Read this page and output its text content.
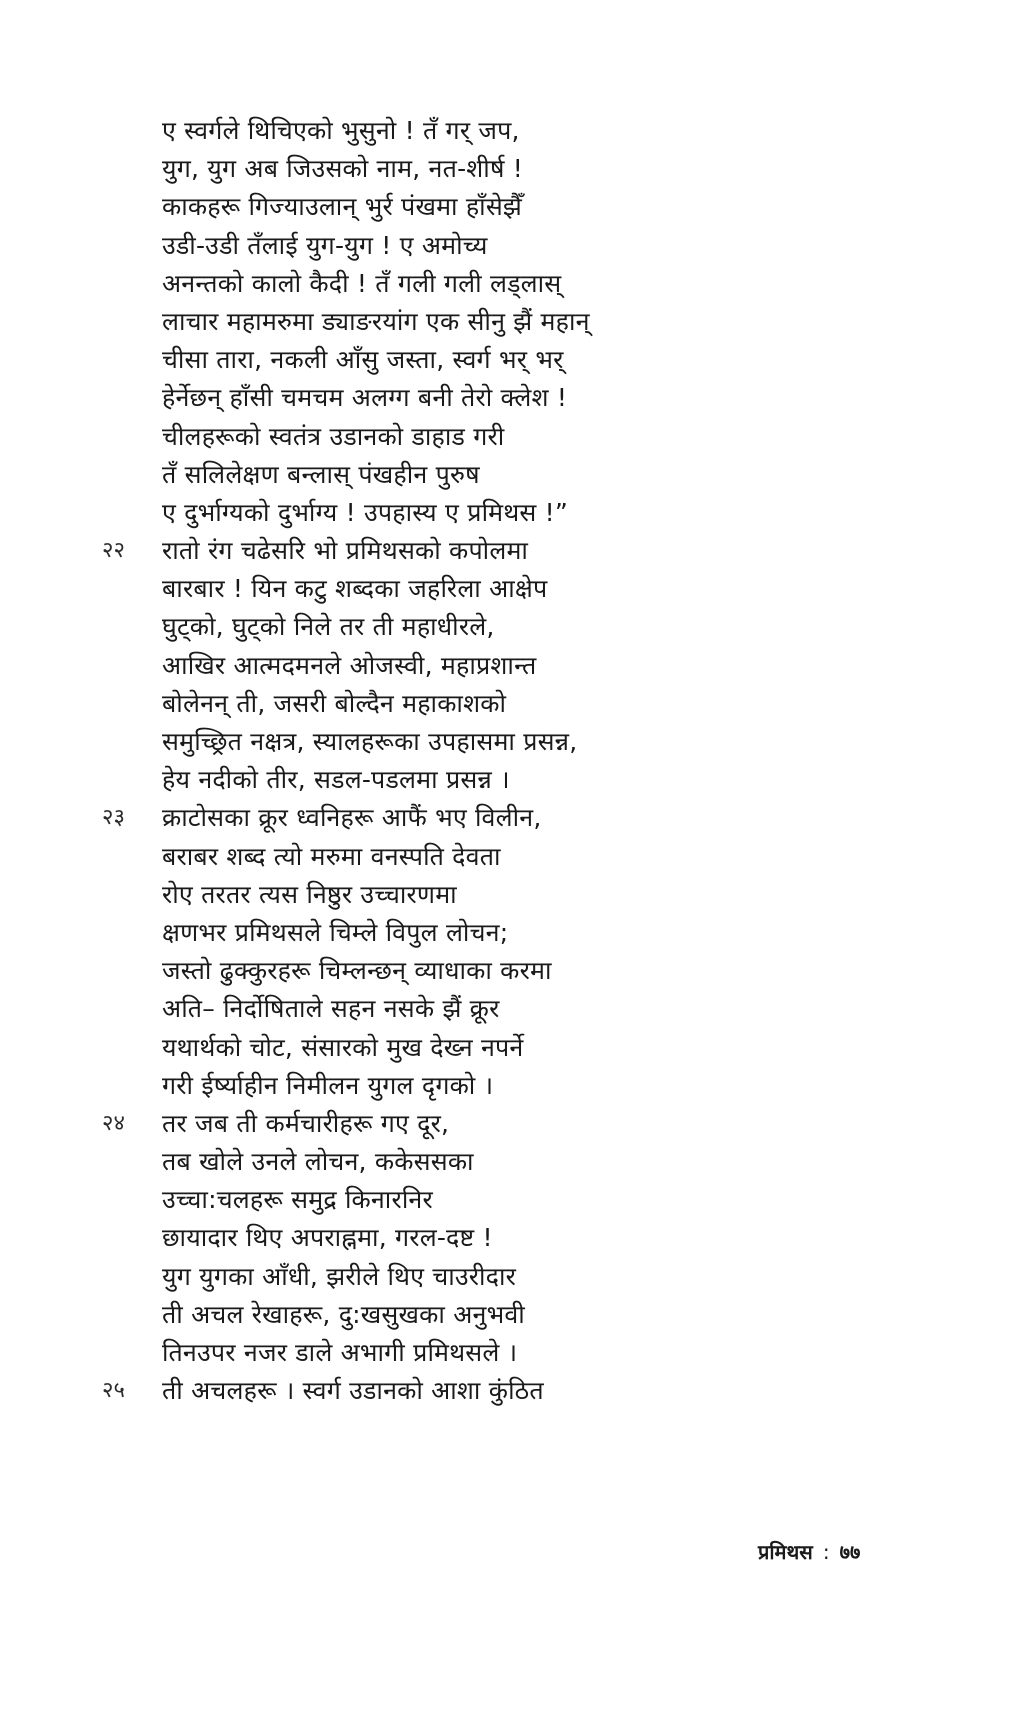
ए स्वर्गले थिचिएको भुसुनो ! तँ गर् जप,
युग, युग अब जिउसको नाम, नत-शीर्ष !
काकहरू गिज्याउलान् भुर्र पंखमा हाँसेझैँ
उडी-उडी तँलाई युग-युग ! ए अमोच्य
अनन्तको कालो कैदी ! तँ गली गली लड्लास्
लाचार महामरुमा ड्याङरयांग एक सीनु झैं महान्
चीसा तारा, नकली आँसु जस्ता, स्वर्ग भर् भर्
हेर्नेछन् हाँसी चमचम अलग्ग बनी तेरो क्लेश !
चीलहरूको स्वतंत्र उडानको डाहाड गरी
तँ सलिलेक्षण बन्लास् पंखहीन पुरुष
ए दुर्भाग्यको दुर्भाग्य ! उपहास्य ए प्रमिथस !”
२२ रातो रंग चढेसरि भो प्रमिथसको कपोलमा
बारबार ! यिन कटु शब्दका जहरिला आक्षेप
घुट्को, घुट्को निले तर ती महाधीरले,
आखिर आत्मदमनले ओजस्वी, महाप्रशान्त
बोलेनन् ती, जसरी बोल्दैन महाकाशको
समुच्छ्रित नक्षत्र, स्यालहरूका उपहासमा प्रसन्न,
हेय नदीको तीर, सडल-पडलमा प्रसन्न ।
२३ क्राटोसका क्रूर ध्वनिहरू आफैं भए विलीन,
बराबर शब्द त्यो मरुमा वनस्पति देवता
रोए तरतर त्यस निष्ठुर उच्चारणमा
क्षणभर प्रमिथसले चिम्ले विपुल लोचन;
जस्तो ढुक्कुरहरू चिम्लन्छन् व्याधाका करमा
अति– निर्दोषिताले सहन नसके झैं क्रूर
यथार्थको चोट, संसारको मुख देख्न नपर्ने
गरी ईर्ष्याहीन निमीलन युगल दृगको ।
२४ तर जब ती कर्मचारीहरू गए दूर,
तब खोले उनले लोचन, ककेससका
उच्चा:चलहरू समुद्र किनारनिर
छायादार थिए अपराह्नमा, गरल-दष्ट !
युग युगका आँधी, झरीले थिए चाउरीदार
ती अचल रेखाहरू, दु:खसुखका अनुभवी
तिनउपर नजर डाले अभागी प्रमिथसले ।
२५ ती अचलहरू । स्वर्ग उडानको आशा कुंठित
प्रमिथस : ७७
